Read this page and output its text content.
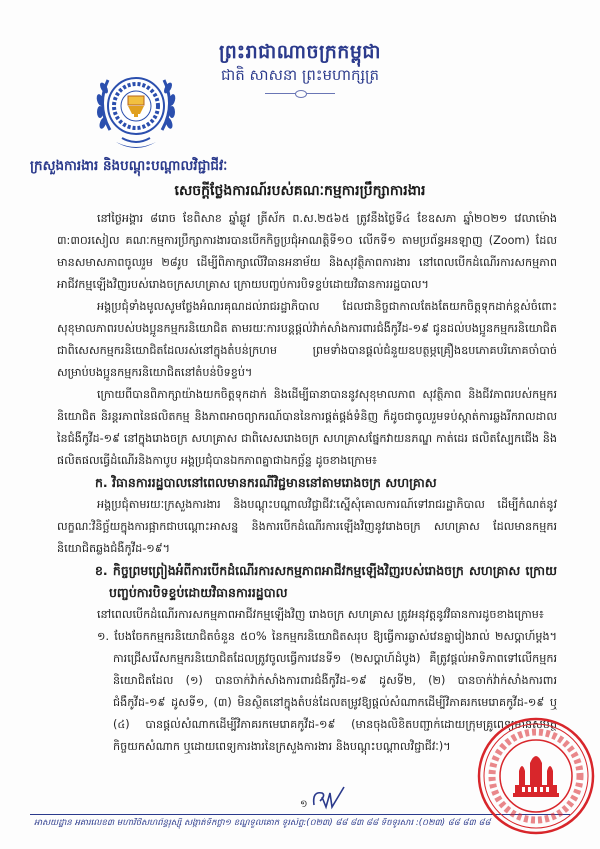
ព្រះរាជាណាចក្រកម្ពុជា
ជាតិ សាសនា ព្រះមហាក្សត្រ
ក្រសួងការងារ និងបណ្តុះបណ្តាលវិជ្ជាជីវៈ
សេចក្តីថ្លែងការណ៍របស់គណៈកម្មការប្រឹក្សាការងារ

នៅថ្ងៃអង្គារ ៨រោច ខែពិសាខ ឆ្នាំឆ្លូវ ត្រីស័ក ព.ស.២៥៦៥ ត្រូវនឹងថ្ងៃទី៤ ខែឧសភា ឆ្នាំ២០២១ វេលាម៉ោង ៣:៣០រសៀល គណៈកម្មការប្រឹក្សាការងារបានបើកកិច្ចប្រជុំអាណត្តិទី១០ លើកទី១ តាមប្រព័ន្ធអនឡាញ (Zoom) ដែលមានសមាសភាពចូលរួម ២៨រូប ដើម្បីពិភាក្សាលើវិធានអនាម័យ និងសុវត្ថិភាពការងារ នៅពេលបើកដំណើរការសកម្មភាព អាជីវកម្មឡើងវិញរបស់រោងចក្រសហគ្រាស ក្រោយបញ្ចប់ការបិទខ្ទប់ដោយវិធានការរដ្ឋបាល។

អង្គប្រជុំទាំងមូលសូមថ្លែងអំណរគុណដល់រាជរដ្ឋាភិបាល ដែលជានិច្ចជាកាលតែងតែយកចិត្តទុកដាក់ខ្ពស់ចំពោះសុខុមាលភាពរបស់បងប្អូនកម្មករនិយោជិត តាមរយៈការបន្តផ្តល់វ៉ាក់សាំងការពារជំងឺកូវីដ-១៩ ជូនដល់បងប្អូនកម្មករនិយោជិត ជាពិសេសកម្មករនិយោជិតដែលរស់នៅក្នុងតំបន់ក្រហម ព្រមទាំងបានផ្តល់ជំនួយឧបត្ថម្ភគ្រឿងឧបភោគបរិភោគចាំបាច់សម្រាប់បងប្អូនកម្មករនិយោជិតនៅតំបន់បិទខ្ទប់។

ក្រោយពីបានពិភាក្សាយ៉ាងយកចិត្តទុកដាក់ និងដើម្បីធានាបាននូវសុខុមាលភាព សុវត្ថិភាព និងជីវភាពរបស់កម្មករនិយោជិត និរន្តរភាពនៃផលិតកម្ម និងភាពអាចព្យាករណ៍បាននៃការផ្គត់ផ្គង់ទំនិញ ក៏ដូចជាចូលរួមទប់ស្កាត់ការឆ្លងរីករាលដាលនៃជំងឺកូវីដ-១៩ នៅក្នុងរោងចក្រ សហគ្រាស ជាពិសេសរោងចក្រ សហគ្រាសផ្នែកវាយនភណ្ឌ កាត់ដេរ ផលិតស្បែកជើង និងផលិតផលធ្វើដំណើរនិងកាបូប អង្គប្រជុំបានឯកភាពគ្នាជាឯកច្ឆ័ន្ទ ដូចខាងក្រោម៖

ក. វិធានការរដ្ឋបាលនៅពេលមានករណីវិជ្ជមាននៅតាមរោងចក្រ សហគ្រាស

អង្គប្រជុំតាមរយៈក្រសួងការងារ និងបណ្តុះបណ្តាលវិជ្ជាជីវៈស្នើសុំគោលការណ៍ទៅរាជរដ្ឋាភិបាល ដើម្បីកំណត់នូវលក្ខណៈវិនិច្ឆ័យក្នុងការផ្អាកជាបណ្តោះអាសន្ន និងការបើកដំណើរការឡើងវិញនូវរោងចក្រ សហគ្រាស ដែលមានកម្មករនិយោជិតឆ្លងជំងឺកូវីដ-១៩។

ខ. កិច្ចព្រមព្រៀងអំពីការបើកដំណើរការសកម្មភាពអាជីវកម្មឡើងវិញរបស់រោងចក្រ សហគ្រាស ក្រោយបញ្ចប់ការបិទខ្ទប់ដោយវិធានការរដ្ឋបាល

នៅពេលបើកដំណើរការសកម្មភាពអាជីវកម្មឡើងវិញ រោងចក្រ សហគ្រាស ត្រូវអនុវត្តនូវវិធានការដូចខាងក្រោម៖

១. បែងចែកកម្មករនិយោជិតចំនួន ៥០% នៃកម្មករនិយោជិតសរុប ឱ្យធ្វើការឆ្លាស់វេនគ្នារៀងរាល់ ២សប្តាហ៍ម្តង។ ការជ្រើសរើសកម្មករនិយោជិតដែលត្រូវចូលធ្វើការវេនទី១ (២សប្តាហ៍ដំបូង) គឺត្រូវផ្តល់អាទិភាពទៅលើកម្មករនិយោជិតដែល (១) បានចាក់វ៉ាក់សាំងការពារជំងឺកូវីដ-១៩ ដូសទី២, (២) បានចាក់វ៉ាក់សាំងការពារជំងឺកូវីដ-១៩ ដូសទី១, (៣) មិនស្ថិតនៅក្នុងតំបន់ដែលតម្រូវឱ្យផ្តល់សំណាកដើម្បីវិភាគរកមេរោគកូវីដ-១៩ ឬ (៤) បានផ្តល់សំណាកដើម្បីវិភាគរកមេរោគកូវីដ-១៩ (មានចុងលិខិតបញ្ជាក់ដោយក្រុមគ្រូពេទ្យមានសមត្ថកិច្ចយកសំណាក ឬដោយពេទ្យការងារនៃក្រសួងការងារ និងបណ្តុះបណ្តាលវិជ្ជាជីវៈ)។

១
អាសយដ្ឋាន អគារលេខ៣ មហាវិថីសហព័ន្ធរុស្ស៊ី សង្កាត់ទឹកថ្លា១ ខណ្ឌទួលគោក ទូរស័ព្ទ:(០២៣) ៨៨ ៨៣ ៨៨ ទិចទូរសារ :(០២៣) ៨៨ ៨៣ ៨៨
